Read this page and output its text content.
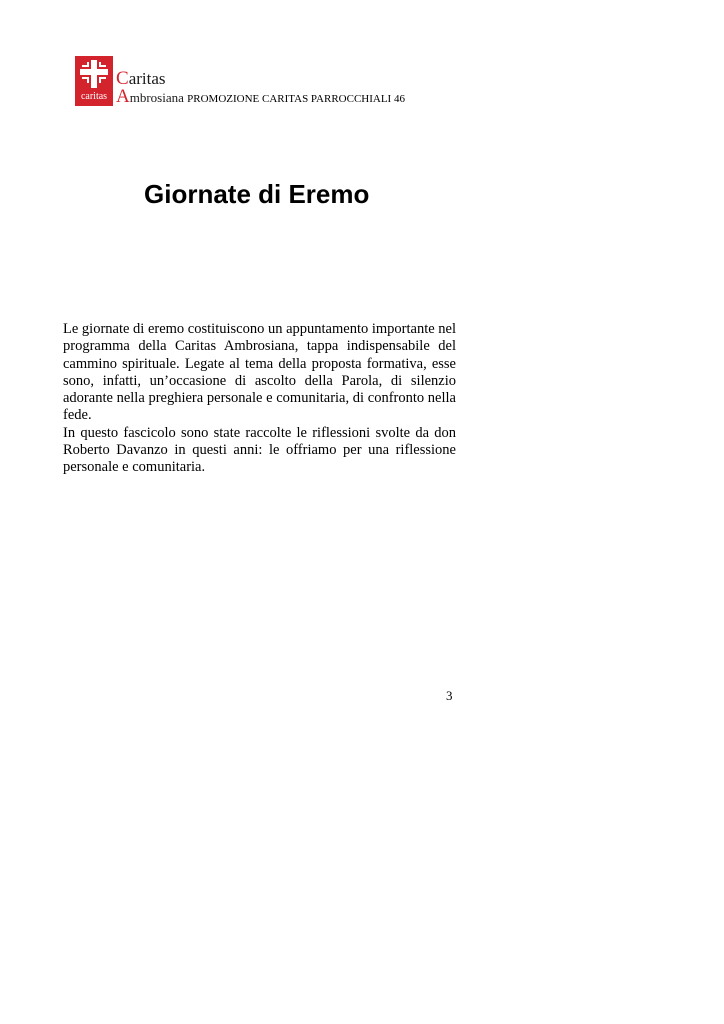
caritas
Caritas
Ambrosiana PROMOZIONE CARITAS PARROCCHIALI 46
Giornate di Eremo

Le giornate di eremo costituiscono un appuntamento importante nel programma della Caritas Ambrosiana, tappa indispensabile del cammino spirituale. Legate al tema della proposta formativa, esse sono, infatti, un’occasione di ascolto della Parola, di silenzio adorante nella preghiera personale e comunitaria, di confronto nella fede.

In questo fascicolo sono state raccolte le riflessioni svolte da don Roberto Davanzo in questi anni: le offriamo per una riflessione personale e comunitaria.

3
